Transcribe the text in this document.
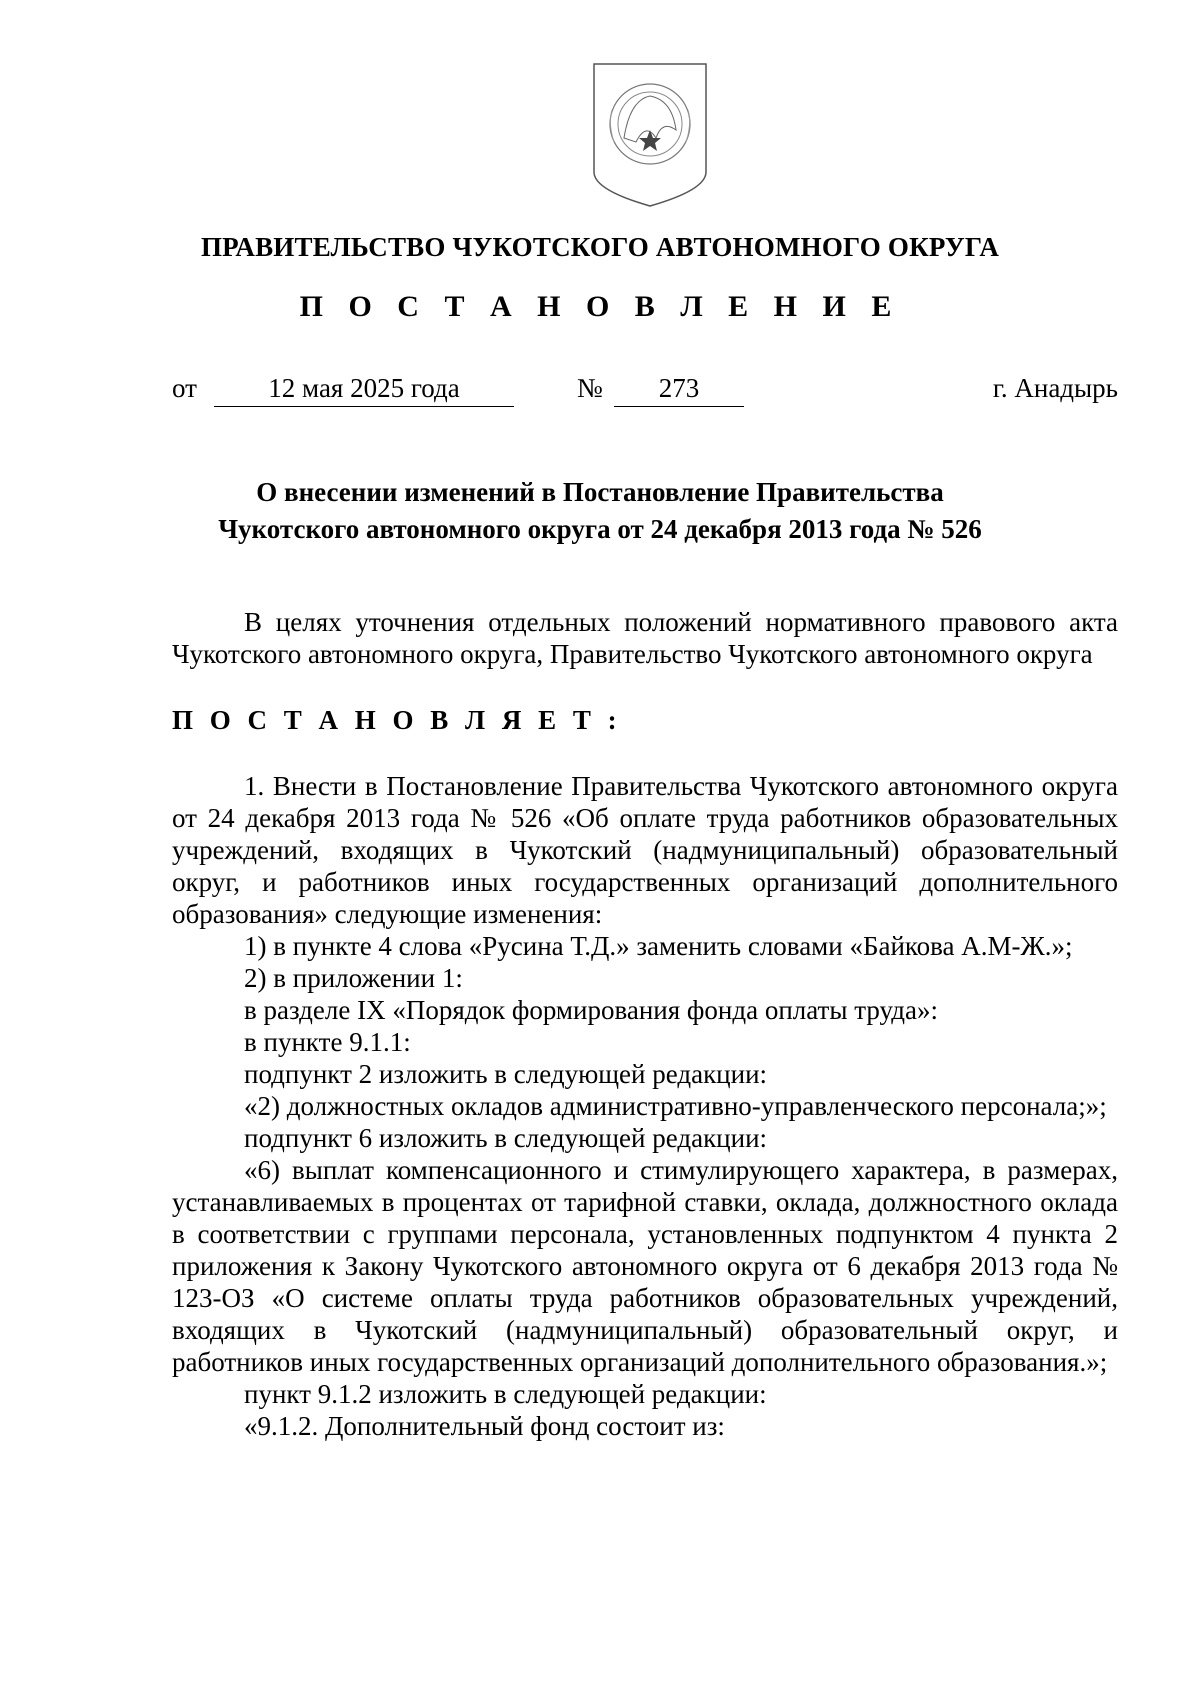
ПРАВИТЕЛЬСТВО ЧУКОТСКОГО АВТОНОМНОГО ОКРУГА
П О С Т А Н О В Л Е Н И Е
от	12 мая 2025 года	№	273	г. Анадырь
О внесении изменений в Постановление Правительства
Чукотского автономного округа от 24 декабря 2013 года № 526

В целях уточнения отдельных положений нормативного правового акта Чукотского автономного округа, Правительство Чукотского автономного округа

П О С Т А Н О В Л Я Е Т :

1. Внести в Постановление Правительства Чукотского автономного округа от 24 декабря 2013 года № 526 «Об оплате труда работников образовательных учреждений, входящих в Чукотский (надмуниципальный) образовательный округ, и работников иных государственных организаций дополнительного образования» следующие изменения:

1) в пункте 4 слова «Русина Т.Д.» заменить словами «Байкова А.М-Ж.»;

2) в приложении 1:

в разделе IX «Порядок формирования фонда оплаты труда»:

в пункте 9.1.1:

подпункт 2 изложить в следующей редакции:

«2) должностных окладов административно-управленческого персонала;»;

подпункт 6 изложить в следующей редакции:

«6) выплат компенсационного и стимулирующего характера, в размерах, устанавливаемых в процентах от тарифной ставки, оклада, должностного оклада в соответствии с группами персонала, установленных подпунктом 4 пункта 2 приложения к Закону Чукотского автономного округа от 6 декабря 2013 года № 123-ОЗ «О системе оплаты труда работников образовательных учреждений, входящих в Чукотский (надмуниципальный) образовательный округ, и работников иных государственных организаций дополнительного образования.»;

пункт 9.1.2 изложить в следующей редакции:

«9.1.2. Дополнительный фонд состоит из:
